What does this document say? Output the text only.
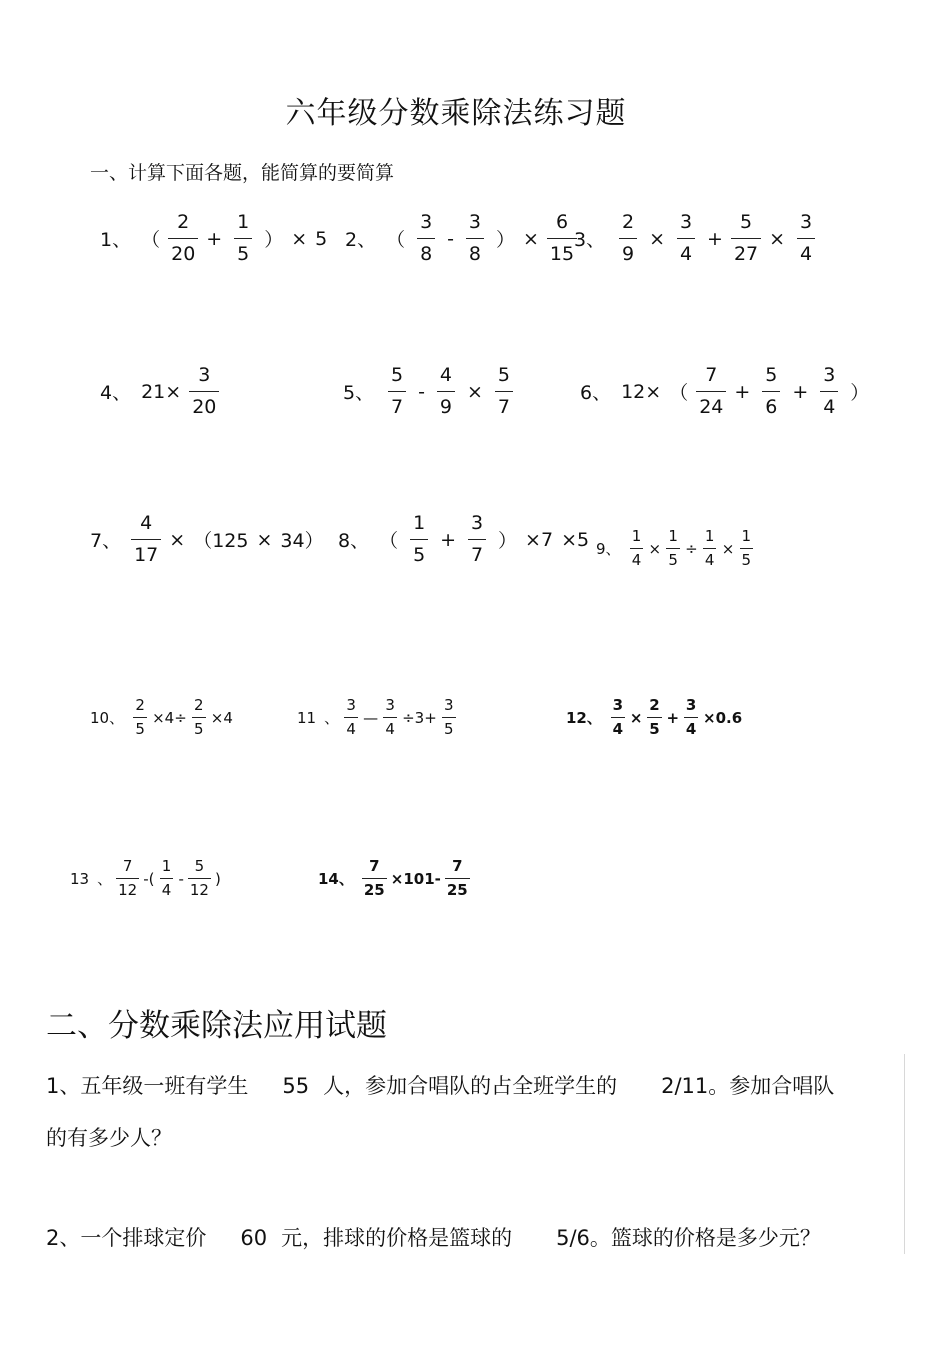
六年级分数乘除法练习题
一、计算下面各题，能简算的要简算
1、 （ $\frac{2}{20} + \frac{1}{5}$ ） × 5 2、 （ $\frac{3}{8} - \frac{3}{8}$ ） × $\frac{6}{15}$
3、 $\frac{2}{9} \times \frac{3}{4} + \frac{5}{27} \times \frac{3}{4}$
4、 $21\times \frac{3}{20}$	5、 $\frac{5}{7} - \frac{4}{9} \times \frac{5}{7}$	6、 12× （ $\frac{7}{24} + \frac{5}{6} + \frac{3}{4}$ ）
7、 $\frac{4}{17} \times (125 \times 34)$ 8、 （ $\frac{1}{5} + \frac{3}{7}$ ） ×7 ×5 9、 $\frac{1}{4} \times \frac{1}{5} \div \frac{1}{4} \times \frac{1}{5}$
10、 $\frac{2}{5} \times 4\div \frac{2}{5} \times 4$	11 、 $\frac{3}{4}$ — $\frac{3}{4} \div 3+ \frac{3}{5}$	12、 $\frac{3}{4} \times \frac{2}{5} + \frac{3}{4} \times 0.6$
13 、 $\frac{7}{12}$ -( $\frac{1}{4} - \frac{5}{12}$ )	14、 $\frac{7}{25} \times 101- \frac{7}{25}$
二、分数乘除法应用试题
1、五年级一班有学生 55 人，参加合唱队的占全班学生的 2/11。参加合唱队
的有多少人？
2、一个排球定价 60 元，排球的价格是篮球的 5/6。篮球的价格是多少元？
